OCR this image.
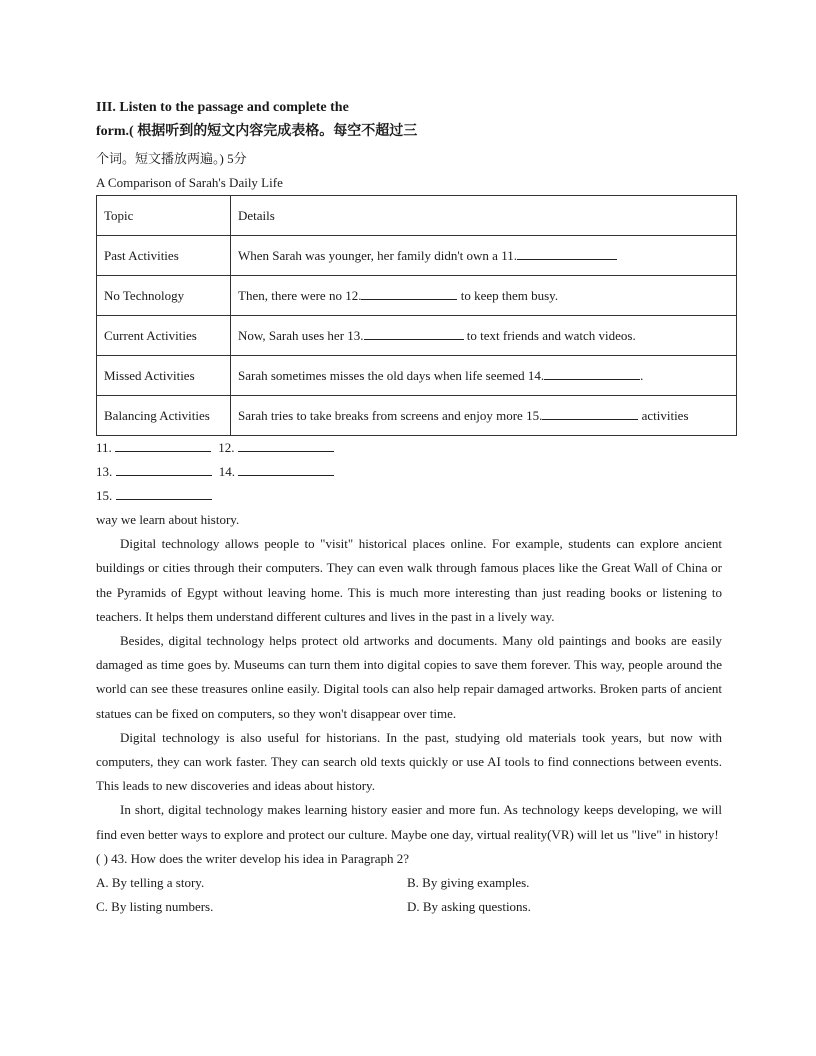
III. Listen to the passage and complete the
form.( 根据听到的短文内容完成表格。每空不超过三
个词。短文播放两遍。) 5分
A Comparison of Sarah's Daily Life
Topic	Details
Past Activities	When Sarah was younger, her family didn't own a 11.
No Technology	Then, there were no 12. to keep them busy.
Current Activities	Now, Sarah uses her 13. to text friends and watch videos.
Missed Activities	Sarah sometimes misses the old days when life seemed 14. .
Balancing Activities	Sarah tries to take breaks from screens and enjoy more 15. activities
11.	12.
13.	14.
15.
way we learn about history.
Digital technology allows people to "visit" historical places online. For example, students can explore ancient buildings or cities through their computers. They can even walk through famous places like the Great Wall of China or the Pyramids of Egypt without leaving home. This is much more interesting than just reading books or listening to teachers. It helps them understand different cultures and lives in the past in a lively way.
Besides, digital technology helps protect old artworks and documents. Many old paintings and books are easily damaged as time goes by. Museums can turn them into digital copies to save them forever. This way, people around the world can see these treasures online easily. Digital tools can also help repair damaged artworks. Broken parts of ancient statues can be fixed on computers, so they won't disappear over time.
Digital technology is also useful for historians. In the past, studying old materials took years, but now with computers, they can work faster. They can search old texts quickly or use AI tools to find connections between events. This leads to new discoveries and ideas about history.
In short, digital technology makes learning history easier and more fun. As technology keeps developing, we will find even better ways to explore and protect our culture. Maybe one day, virtual reality(VR) will let us "live" in history!
( ) 43. How does the writer develop his idea in Paragraph 2?
A. By telling a story.	B. By giving examples.
C. By listing numbers.	D. By asking questions.
